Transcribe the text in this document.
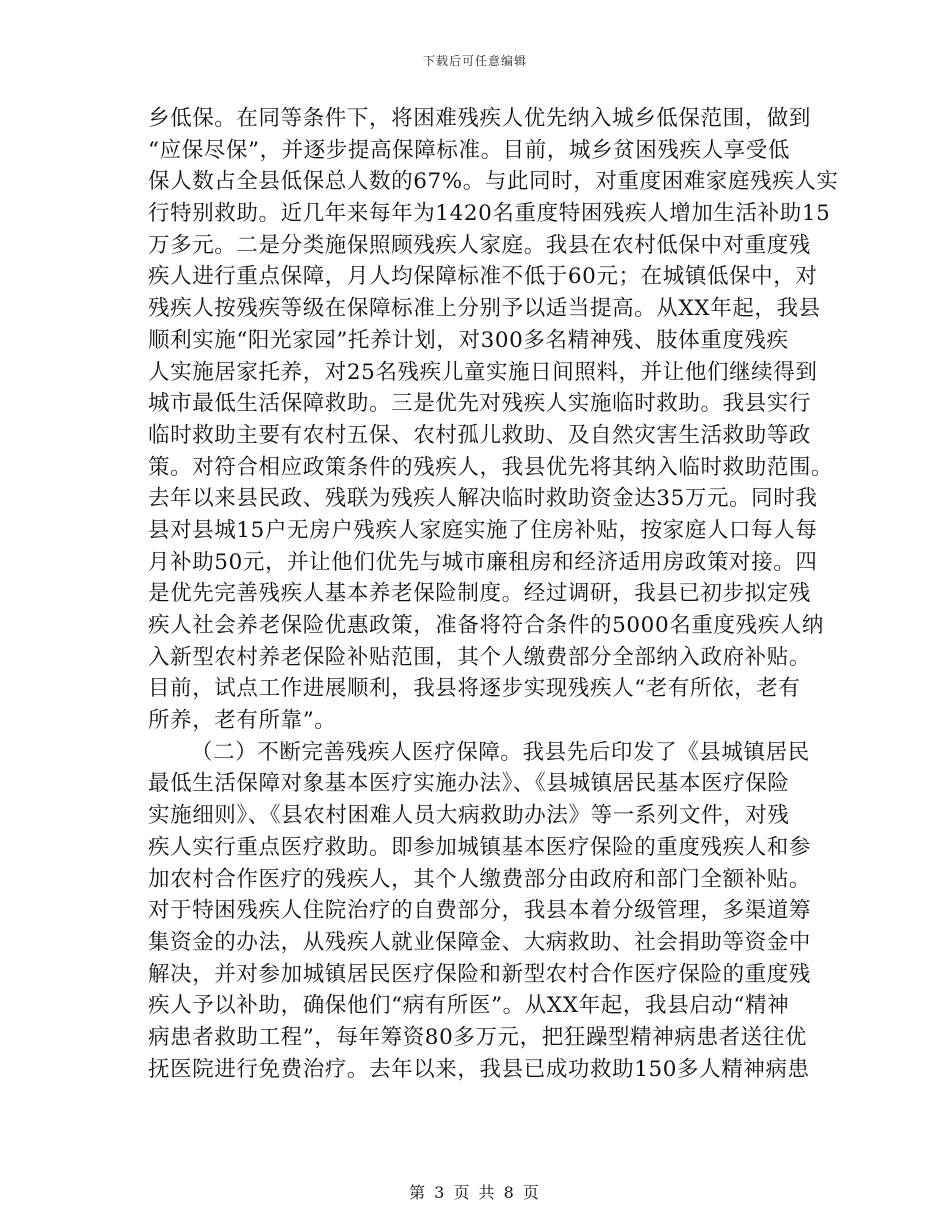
下载后可任意编辑
乡低保。在同等条件下，将困难残疾人优先纳入城乡低保范围，做到
“应保尽保”，并逐步提高保障标准。目前，城乡贫困残疾人享受低
保人数占全县低保总人数的67%。与此同时，对重度困难家庭残疾人实
行特别救助。近几年来每年为1420名重度特困残疾人增加生活补助15
万多元。二是分类施保照顾残疾人家庭。我县在农村低保中对重度残
疾人进行重点保障，月人均保障标准不低于60元；在城镇低保中，对
残疾人按残疾等级在保障标准上分别予以适当提高。从XX年起，我县
顺利实施“阳光家园”托养计划，对300多名精神残、肢体重度残疾
人实施居家托养，对25名残疾儿童实施日间照料，并让他们继续得到
城市最低生活保障救助。三是优先对残疾人实施临时救助。我县实行
临时救助主要有农村五保、农村孤儿救助、及自然灾害生活救助等政
策。对符合相应政策条件的残疾人，我县优先将其纳入临时救助范围。
去年以来县民政、残联为残疾人解决临时救助资金达35万元。同时我
县对县城15户无房户残疾人家庭实施了住房补贴，按家庭人口每人每
月补助50元，并让他们优先与城市廉租房和经济适用房政策对接。四
是优先完善残疾人基本养老保险制度。经过调研，我县已初步拟定残
疾人社会养老保险优惠政策，准备将符合条件的5000名重度残疾人纳
入新型农村养老保险补贴范围，其个人缴费部分全部纳入政府补贴。
目前，试点工作进展顺利，我县将逐步实现残疾人“老有所依，老有
所养，老有所靠”。
（二）不断完善残疾人医疗保障。我县先后印发了《县城镇居民
最低生活保障对象基本医疗实施办法》、《县城镇居民基本医疗保险
实施细则》、《县农村困难人员大病救助办法》等一系列文件，对残
疾人实行重点医疗救助。即参加城镇基本医疗保险的重度残疾人和参
加农村合作医疗的残疾人，其个人缴费部分由政府和部门全额补贴。
对于特困残疾人住院治疗的自费部分，我县本着分级管理，多渠道筹
集资金的办法，从残疾人就业保障金、大病救助、社会捐助等资金中
解决，并对参加城镇居民医疗保险和新型农村合作医疗保险的重度残
疾人予以补助，确保他们“病有所医”。从XX年起，我县启动“精神
病患者救助工程”，每年筹资80多万元，把狂躁型精神病患者送往优
抚医院进行免费治疗。去年以来，我县已成功救助150多人精神病患
第 3 页 共 8 页
